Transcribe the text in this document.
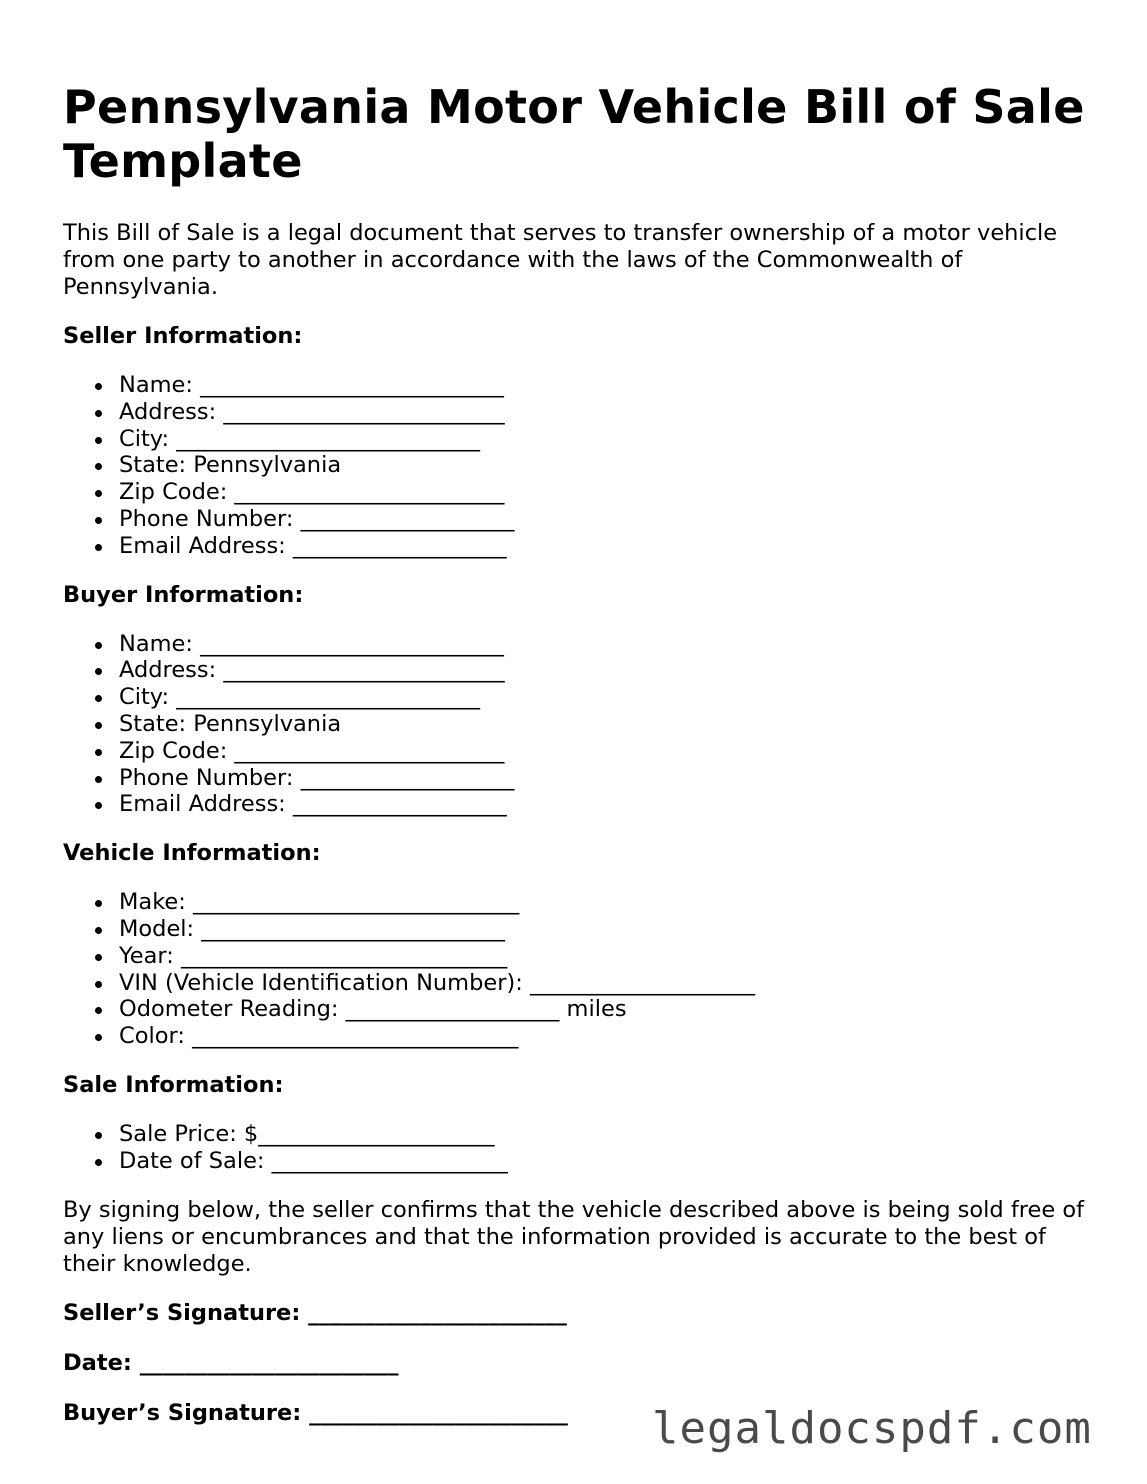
Pennsylvania Motor Vehicle Bill of Sale Template

This Bill of Sale is a legal document that serves to transfer ownership of a motor vehicle from one party to another in accordance with the laws of the Commonwealth of Pennsylvania.

Seller Information:
Name: ___________________________
Address: _________________________
City: ___________________________
State: Pennsylvania
Zip Code: ________________________
Phone Number: ___________________
Email Address: ___________________
Buyer Information:
Name: ___________________________
Address: _________________________
City: ___________________________
State: Pennsylvania
Zip Code: ________________________
Phone Number: ___________________
Email Address: ___________________
Vehicle Information:
Make: _____________________________
Model: ___________________________
Year: _____________________________
VIN (Vehicle Identification Number): ____________________
Odometer Reading: ___________________ miles
Color: _____________________________
Sale Information:
Sale Price: $_____________________
Date of Sale: _____________________

By signing below, the seller confirms that the vehicle described above is being sold free of any liens or encumbrances and that the information provided is accurate to the best of their knowledge.

Seller’s Signature: _______________________
Date: _______________________
Buyer’s Signature: _______________________	legaldocspdf.com
